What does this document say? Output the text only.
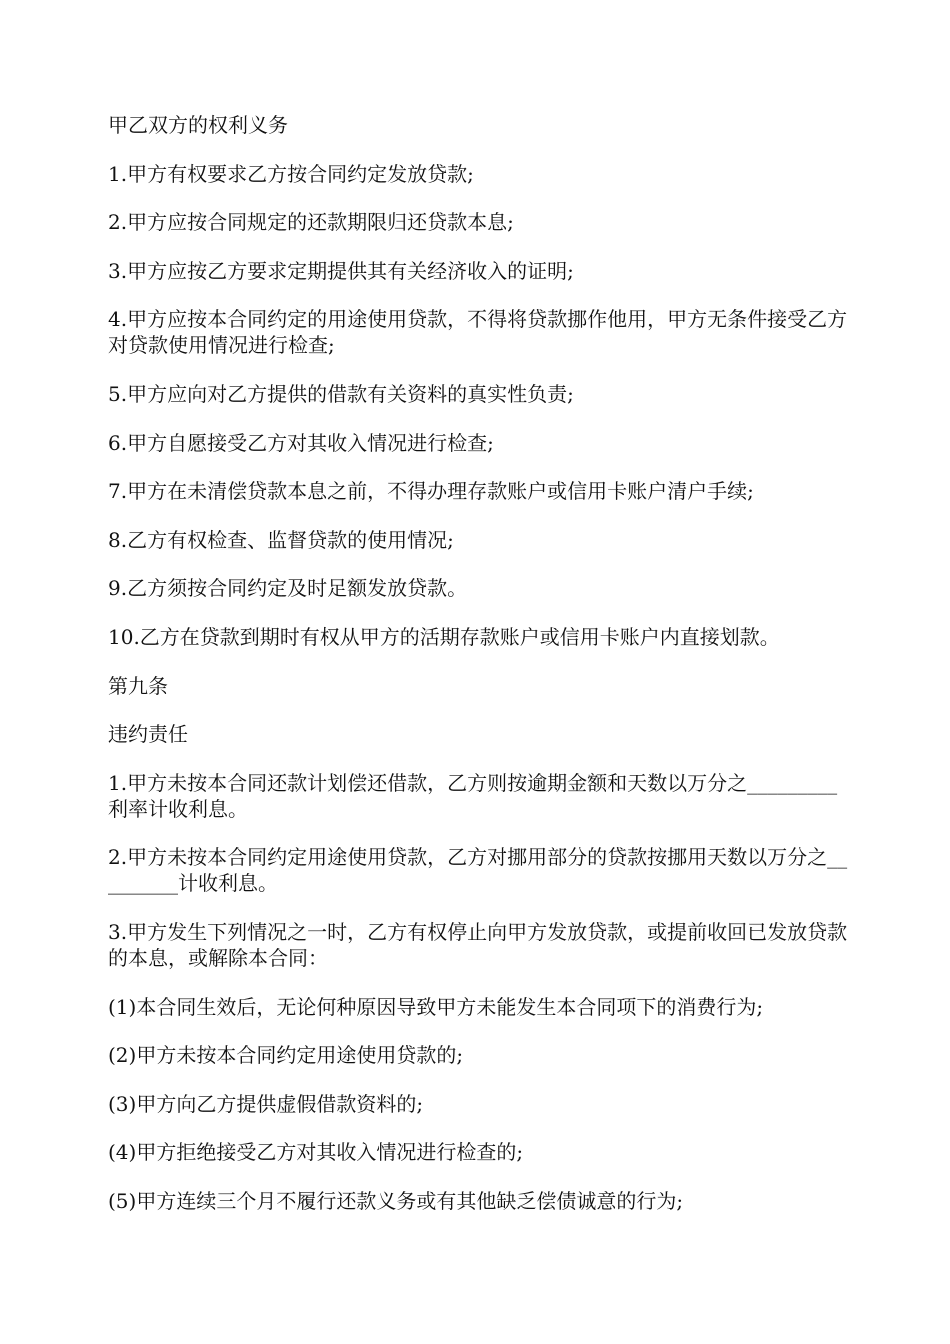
甲乙双方的权利义务

1.甲方有权要求乙方按合同约定发放贷款;

2.甲方应按合同规定的还款期限归还贷款本息;

3.甲方应按乙方要求定期提供其有关经济收入的证明;

4.甲方应按本合同约定的用途使用贷款，不得将贷款挪作他用，甲方无条件接受乙方对贷款使用情况进行检查;

5.甲方应向对乙方提供的借款有关资料的真实性负责;

6.甲方自愿接受乙方对其收入情况进行检查;

7.甲方在未清偿贷款本息之前，不得办理存款账户或信用卡账户清户手续;

8.乙方有权检查、监督贷款的使用情况;

9.乙方须按合同约定及时足额发放贷款。

10.乙方在贷款到期时有权从甲方的活期存款账户或信用卡账户内直接划款。

第九条

违约责任

1.甲方未按本合同还款计划偿还借款，乙方则按逾期金额和天数以万分之_________利率计收利息。

2.甲方未按本合同约定用途使用贷款，乙方对挪用部分的贷款按挪用天数以万分之_________计收利息。

3.甲方发生下列情况之一时，乙方有权停止向甲方发放贷款，或提前收回已发放贷款的本息，或解除本合同：

(1)本合同生效后，无论何种原因导致甲方未能发生本合同项下的消费行为;

(2)甲方未按本合同约定用途使用贷款的;

(3)甲方向乙方提供虚假借款资料的;

(4)甲方拒绝接受乙方对其收入情况进行检查的;

(5)甲方连续三个月不履行还款义务或有其他缺乏偿债诚意的行为;
